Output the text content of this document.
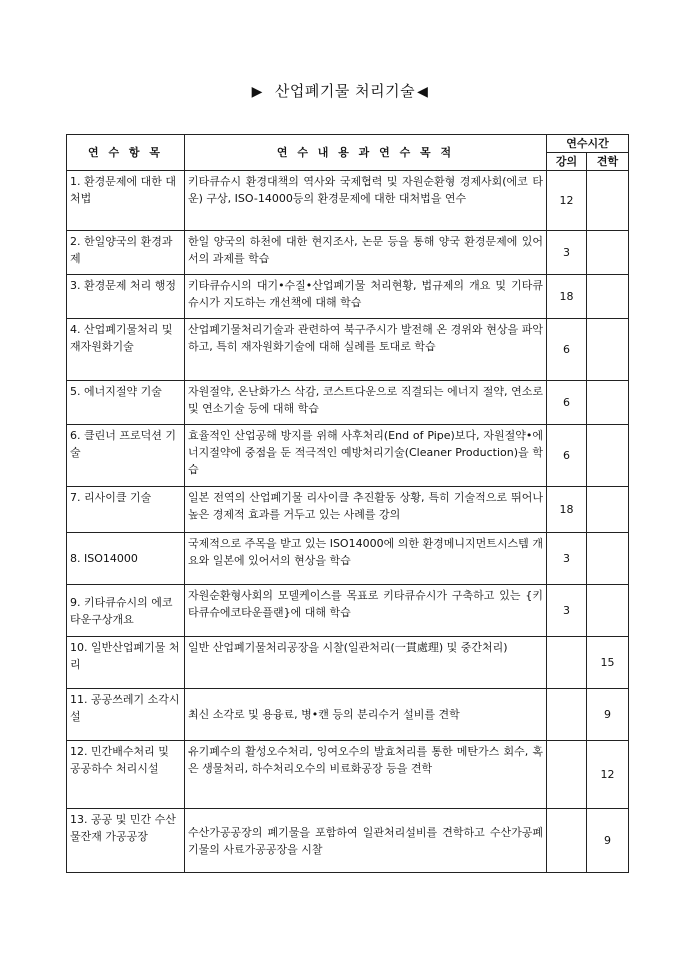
▶ 산업폐기물 처리기술 ◀
연 수 항 목	연 수 내 용 과 연 수 목 적	연수시간	
		강의	견학
1. 환경문제에 대한 대처법	키타큐슈시 환경대책의 역사와 국제협력 및 자원순환형 경제사회(에코 타운) 구상, ISO-14000등의 환경문제에 대한 대처법을 연수	12	
2. 한일양국의 환경과제	한일 양국의 하천에 대한 현지조사, 논문 등을 통해 양국 환경문제에 있어서의 과제를 학습	3	
3. 환경문제 처리 행정	키타큐슈시의 대기•수질•산업폐기물 처리현황, 법규제의 개요 및 기타큐슈시가 지도하는 개선책에 대해 학습	18	
4. 산업폐기물처리 및 재자원화기술	산업폐기물처리기술과 관련하여 북구주시가 발전해 온 경위와 현상을 파악하고, 특히 재자원화기술에 대해 실례를 토대로 학습	6	
5. 에너지절약 기술	자원절약, 온난화가스 삭감, 코스트다운으로 직결되는 에너지 절약, 연소로 및 연소기술 등에 대해 학습	6	
6. 클린너 프로덕션 기술	효율적인 산업공해 방지를 위해 사후처리(End of Pipe)보다, 자원절약•에너지절약에 중점을 둔 적극적인 예방처리기술(Cleaner Production)을 학습	6	
7. 리사이클 기술	일본 전역의 산업폐기물 리사이클 추진활동 상황, 특히 기술적으로 뛰어나 높은 경제적 효과를 거두고 있는 사례를 강의	18	
8. ISO14000	국제적으로 주목을 받고 있는 ISO14000에 의한 환경메니지먼트시스템 개요와 일본에 있어서의 현상을 학습	3	
9. 키타큐슈시의 에코타운구상개요	자원순환형사회의 모델케이스를 목표로 키타큐슈시가 구축하고 있는 {키타큐슈에코타운플랜}에 대해 학습	3	
10. 일반산업폐기물 처리	일반 산업폐기물처리공장을 시찰(일관처리(一貫處理) 및 중간처리)		15
11. 공공쓰레기 소각시설	최신 소각로 및 용융료, 병•캔 등의 분리수거 설비를 견학		9
12. 민간배수처리 및 공공하수 처리시설	유기폐수의 활성오수처리, 잉여오수의 발효처리를 통한 메탄가스 회수, 혹은 생물처리, 하수처리오수의 비료화공장 등을 견학		12
13. 공공 및 민간 수산물잔재 가공공장	수산가공공장의 폐기물을 포함하여 일관처리설비를 견학하고 수산가공폐기물의 사료가공공장을 시찰		9
